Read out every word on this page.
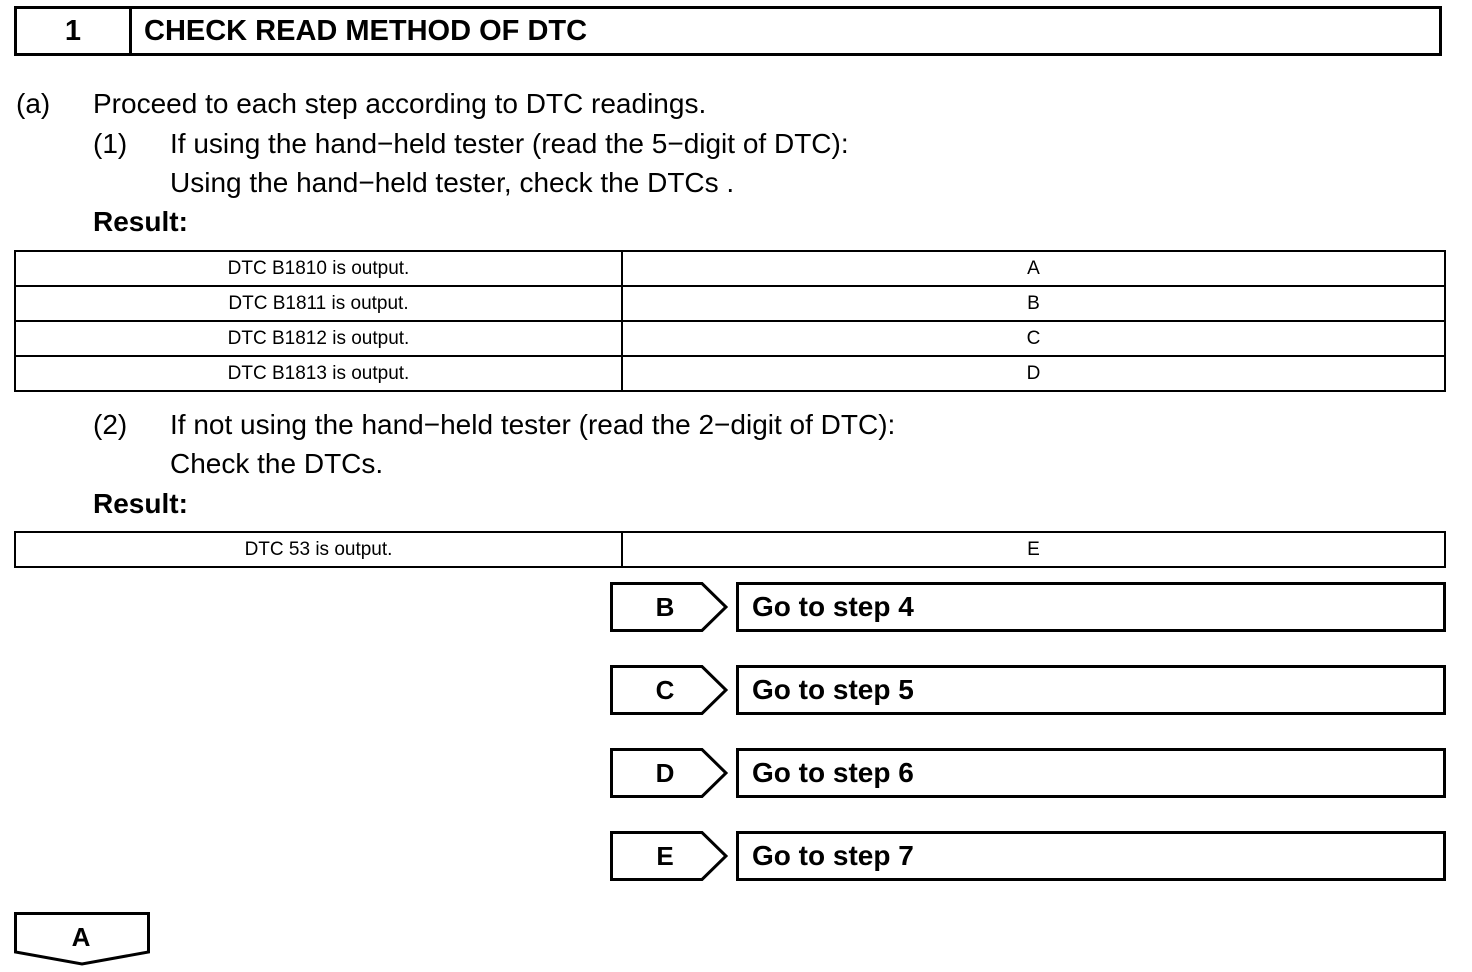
1	CHECK READ METHOD OF DTC
(a) Proceed to each step according to DTC readings.
(1) If using the hand−held tester (read the 5−digit of DTC):
Using the hand−held tester, check the DTCs .
Result:
DTC B1810 is output.	A
DTC B1811 is output.	B
DTC B1812 is output.	C
DTC B1813 is output.	D
(2) If not using the hand−held tester (read the 2−digit of DTC):
Check the DTCs.
Result:
DTC 53 is output.	E
B	Go to step 4
C	Go to step 5
D	Go to step 6
E	Go to step 7
A
